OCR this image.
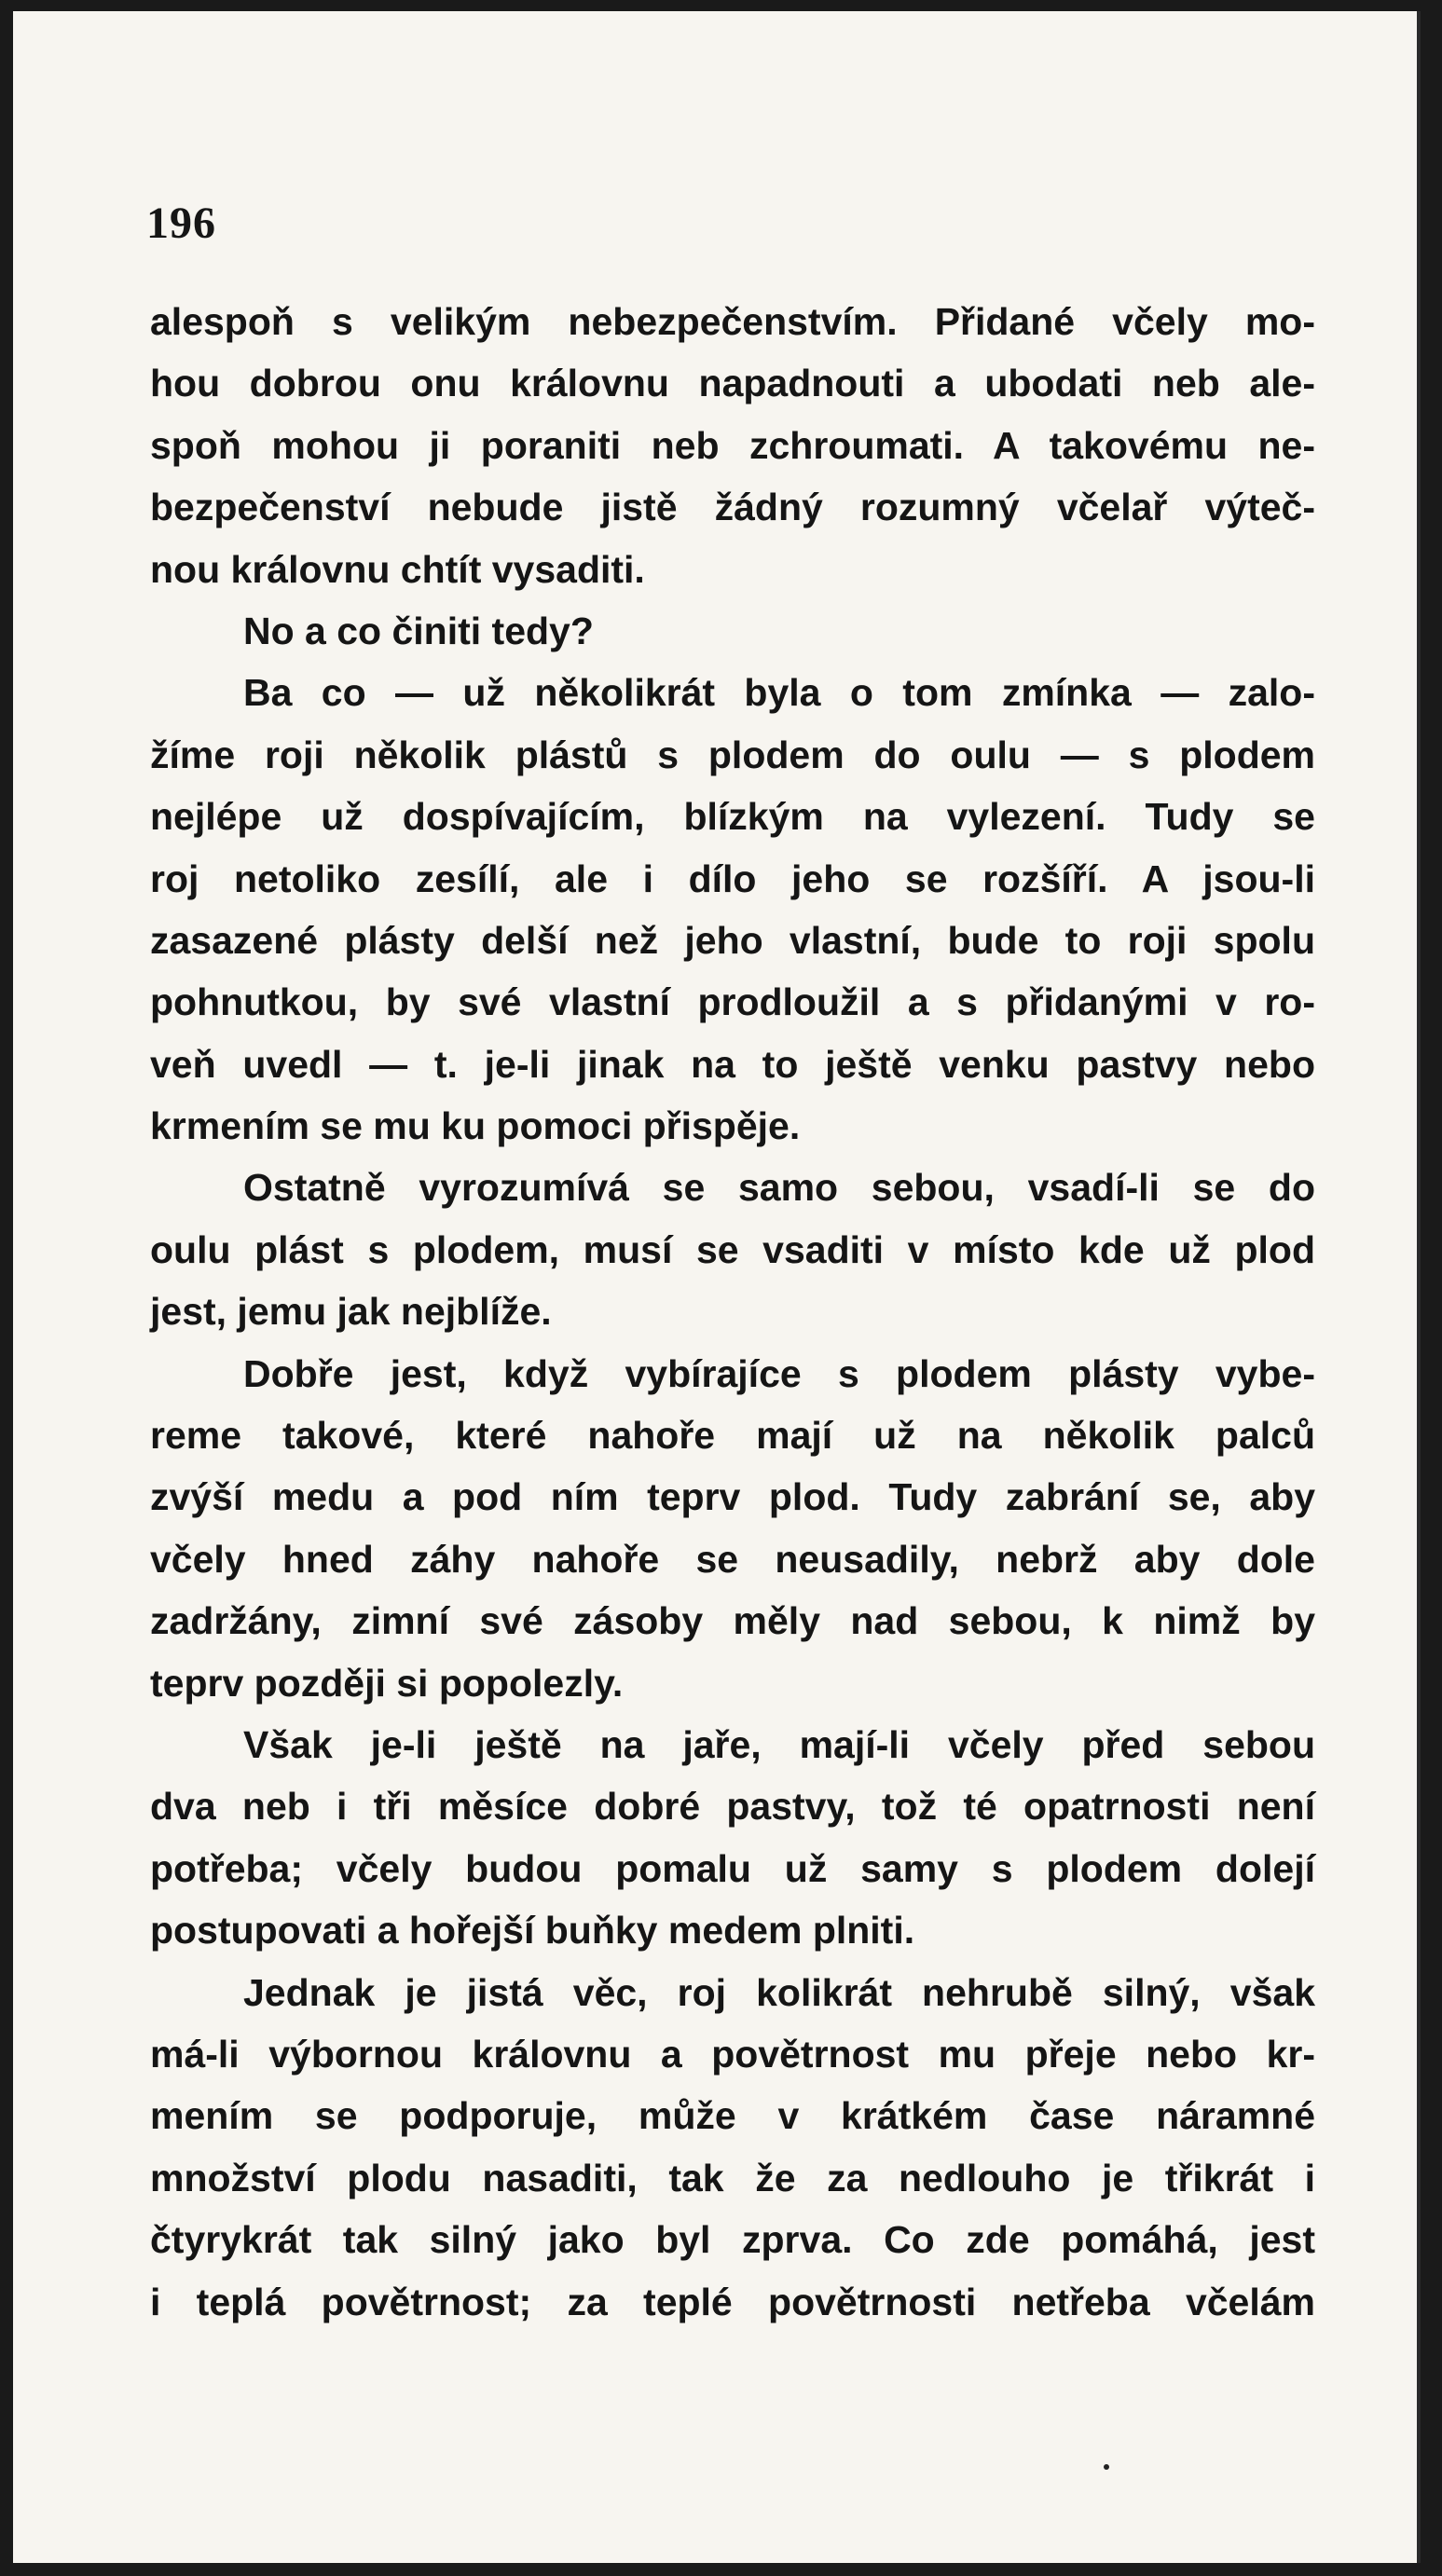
196
alespoň s velikým nebezpečenstvím. Přidané včely mo-
hou dobrou onu královnu napadnouti a ubodati neb ale-
spoň mohou ji poraniti neb zchroumati. A takovému ne-
bezpečenství nebude jistě žádný rozumný včelař výteč-
nou královnu chtít vysaditi.
No a co činiti tedy?
Ba co — už několikrát byla o tom zmínka — zalo-
žíme roji několik plástů s plodem do oulu — s plodem
nejlépe už dospívajícím, blízkým na vylezení. Tudy se
roj netoliko zesílí, ale i dílo jeho se rozšíří. A jsou-li
zasazené plásty delší než jeho vlastní, bude to roji spolu
pohnutkou, by své vlastní prodloužil a s přidanými v ro-
veň uvedl — t. je-li jinak na to ještě venku pastvy nebo
krmením se mu ku pomoci přispěje.
Ostatně vyrozumívá se samo sebou, vsadí-li se do
oulu plást s plodem, musí se vsaditi v místo kde už plod
jest, jemu jak nejblíže.
Dobře jest, když vybírajíce s plodem plásty vybe-
reme takové, které nahoře mají už na několik palců
zvýší medu a pod ním teprv plod. Tudy zabrání se, aby
včely hned záhy nahoře se neusadily, nebrž aby dole
zadržány, zimní své zásoby měly nad sebou, k nimž by
teprv později si popolezly.
Však je-li ještě na jaře, mají-li včely před sebou
dva neb i tři měsíce dobré pastvy, tož té opatrnosti není
potřeba; včely budou pomalu už samy s plodem dolejí
postupovati a hořejší buňky medem plniti.
Jednak je jistá věc, roj kolikrát nehrubě silný, však
má-li výbornou královnu a povětrnost mu přeje nebo kr-
mením se podporuje, může v krátkém čase náramné
množství plodu nasaditi, tak že za nedlouho je třikrát i
čtyrykrát tak silný jako byl zprva. Co zde pomáhá, jest
i teplá povětrnost; za teplé povětrnosti netřeba včelám
